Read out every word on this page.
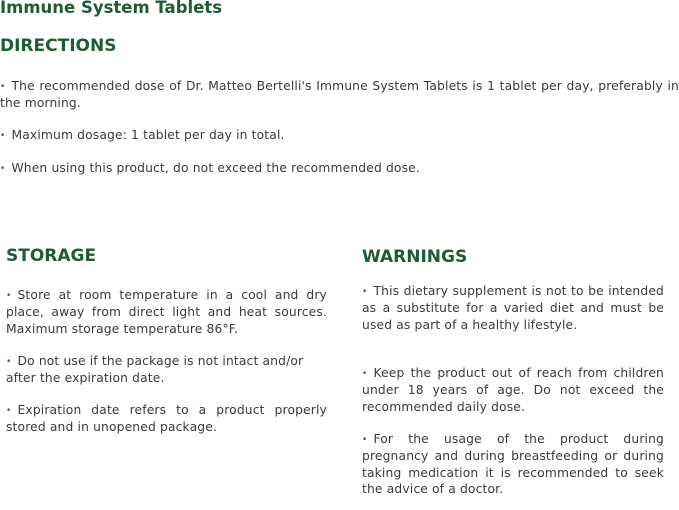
Immune System Tablets
DIRECTIONS

• The recommended dose of Dr. Matteo Bertelli's Immune System Tablets is 1 tablet per day, preferably in the morning.

• Maximum dosage: 1 tablet per day in total.

• When using this product, do not exceed the recommended dose.

STORAGE

• Store at room temperature in a cool and dry place, away from direct light and heat sources. Maximum storage temperature 86°F.

• Do not use if the package is not intact and/or after the expiration date.

• Expiration date refers to a product properly stored and in unopened package.

WARNINGS

• This dietary supplement is not to be intended as a substitute for a varied diet and must be used as part of a healthy lifestyle.

• Keep the product out of reach from children under 18 years of age. Do not exceed the recommended daily dose.

• For the usage of the product during pregnancy and during breastfeeding or during taking medication it is recommended to seek the advice of a doctor.
